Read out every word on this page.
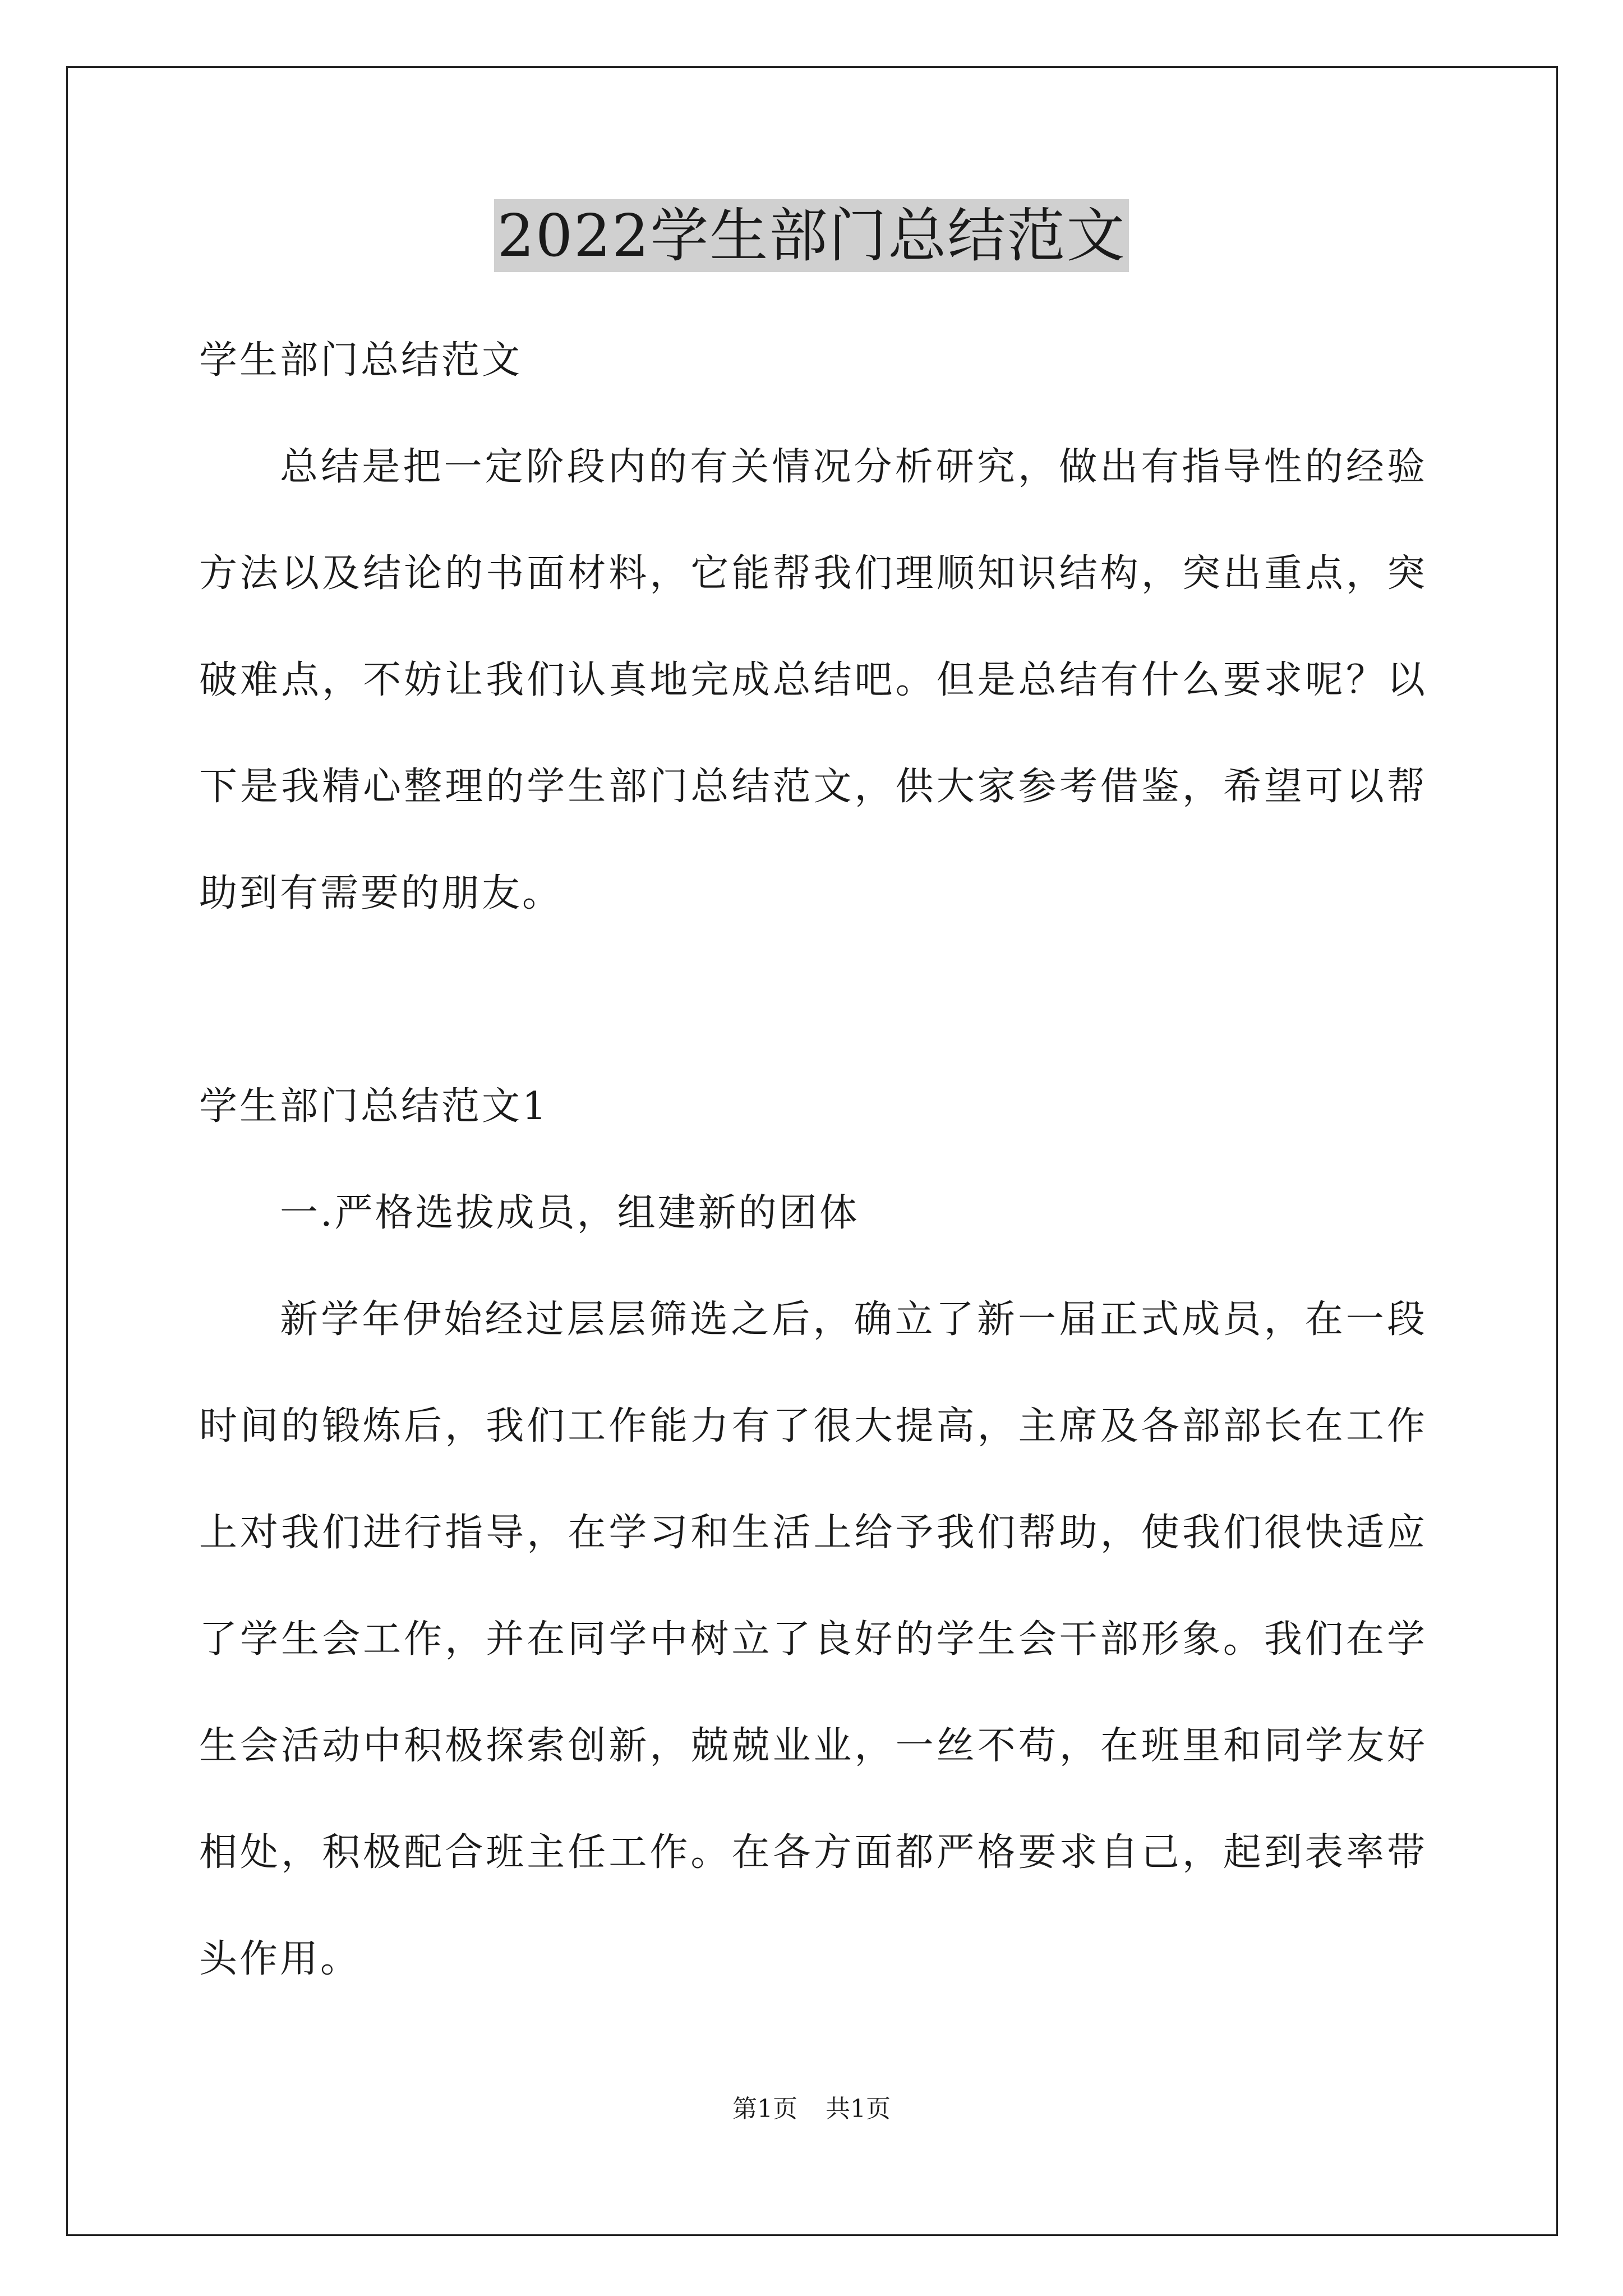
2022学生部门总结范文

学生部门总结范文

总结是把一定阶段内的有关情况分析研究，做出有指导性的经验方法以及结论的书面材料，它能帮我们理顺知识结构，突出重点，突破难点，不妨让我们认真地完成总结吧。但是总结有什么要求呢？以下是我精心整理的学生部门总结范文，供大家参考借鉴，希望可以帮助到有需要的朋友。

学生部门总结范文1

一.严格选拔成员，组建新的团体

新学年伊始经过层层筛选之后，确立了新一届正式成员，在一段时间的锻炼后，我们工作能力有了很大提高，主席及各部部长在工作上对我们进行指导，在学习和生活上给予我们帮助，使我们很快适应了学生会工作，并在同学中树立了良好的学生会干部形象。我们在学生会活动中积极探索创新，兢兢业业，一丝不苟，在班里和同学友好相处，积极配合班主任工作。在各方面都严格要求自己，起到表率带头作用。

第1页 共1页
